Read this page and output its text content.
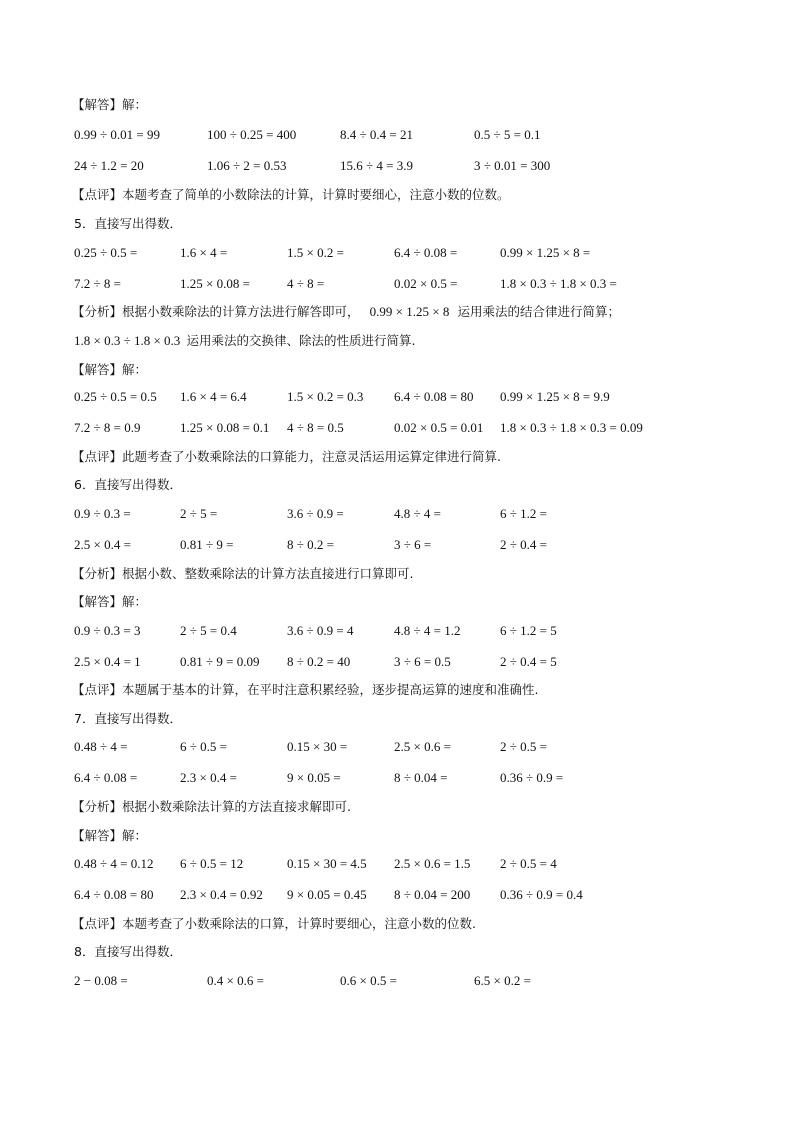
【解答】解：
0.99 ÷ 0.01 = 99	100 ÷ 0.25 = 400	8.4 ÷ 0.4 = 21	0.5 ÷ 5 = 0.1
24 ÷ 1.2 = 20	1.06 ÷ 2 = 0.53	15.6 ÷ 4 = 3.9	3 ÷ 0.01 = 300
【点评】本题考查了简单的小数除法的计算，计算时要细心，注意小数的位数。
5．直接写出得数．
0.25 ÷ 0.5 =	1.6 × 4 =	1.5 × 0.2 =	6.4 ÷ 0.08 =	0.99 × 1.25 × 8 =
7.2 ÷ 8 =	1.25 × 0.08 =	4 ÷ 8 =	0.02 × 0.5 =	1.8 × 0.3 ÷ 1.8 × 0.3 =
【分析】根据小数乘除法的计算方法进行解答即可， 0.99 × 1.25 × 8 运用乘法的结合律进行简算；
1.8 × 0.3 ÷ 1.8 × 0.3 运用乘法的交换律、除法的性质进行简算.
【解答】解：
0.25 ÷ 0.5 = 0.5 1.6 × 4 = 6.4	1.5 × 0.2 = 0.3 6.4 ÷ 0.08 = 80 0.99 × 1.25 × 8 = 9.9
7.2 ÷ 8 = 0.9	1.25 × 0.08 = 0.1 4 ÷ 8 = 0.5	0.02 × 0.5 = 0.01 1.8 × 0.3 ÷ 1.8 × 0.3 = 0.09
【点评】此题考查了小数乘除法的口算能力，注意灵活运用运算定律进行简算.
6．直接写出得数．
0.9 ÷ 0.3 =	2 ÷ 5 =	3.6 ÷ 0.9 =	4.8 ÷ 4 =	6 ÷ 1.2 =
2.5 × 0.4 =	0.81 ÷ 9 =	8 ÷ 0.2 =	3 ÷ 6 =	2 ÷ 0.4 =
【分析】根据小数、整数乘除法的计算方法直接进行口算即可.
【解答】解：
0.9 ÷ 0.3 = 3	2 ÷ 5 = 0.4	3.6 ÷ 0.9 = 4	4.8 ÷ 4 = 1.2	6 ÷ 1.2 = 5
2.5 × 0.4 = 1	0.81 ÷ 9 = 0.09 8 ÷ 0.2 = 40	3 ÷ 6 = 0.5	2 ÷ 0.4 = 5
【点评】本题属于基本的计算，在平时注意积累经验，逐步提高运算的速度和准确性.
7．直接写出得数．
0.48 ÷ 4 =	6 ÷ 0.5 =	0.15 × 30 =	2.5 × 0.6 =	2 ÷ 0.5 =
6.4 ÷ 0.08 =	2.3 × 0.4 =	9 × 0.05 =	8 ÷ 0.04 =	0.36 ÷ 0.9 =
【分析】根据小数乘除法计算的方法直接求解即可.
【解答】解：
0.48 ÷ 4 = 0.12 6 ÷ 0.5 = 12	0.15 × 30 = 4.5 2.5 × 0.6 = 1.5 2 ÷ 0.5 = 4
6.4 ÷ 0.08 = 80 2.3 × 0.4 = 0.92 9 × 0.05 = 0.45 8 ÷ 0.04 = 200 0.36 ÷ 0.9 = 0.4
【点评】本题考查了小数乘除法的口算，计算时要细心，注意小数的位数.
8．直接写出得数．
2 − 0.08 =	0.4 × 0.6 =	0.6 × 0.5 =	6.5 × 0.2 =
